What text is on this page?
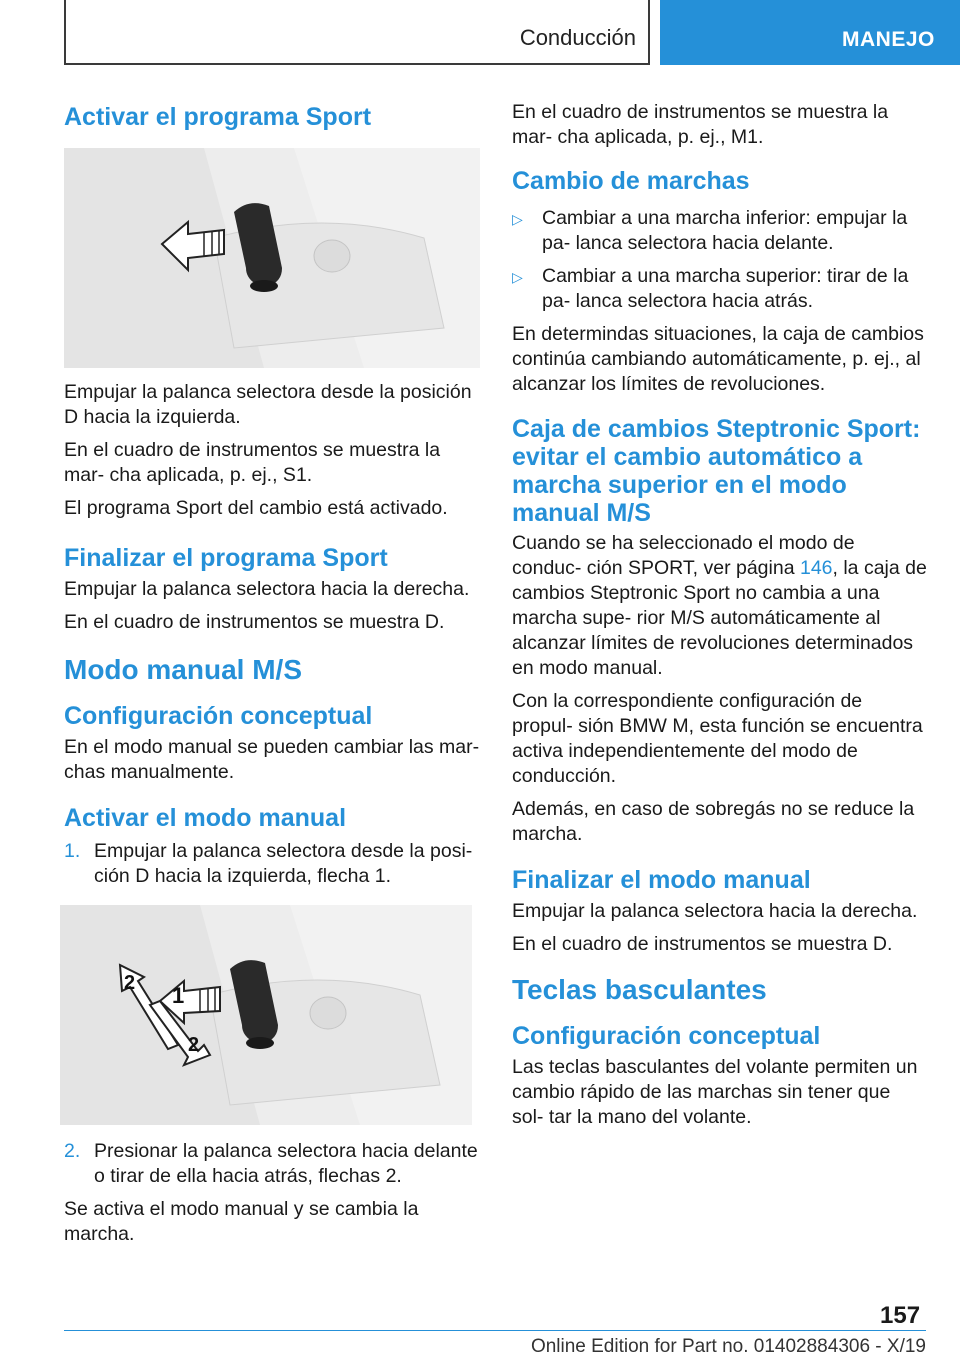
Conducción	MANEJO
Activar el programa Sport
Empujar la palanca selectora desde la posición D hacia la izquierda.
En el cuadro de instrumentos se muestra la mar‐ cha aplicada, p. ej., S1.
El programa Sport del cambio está activado.
Finalizar el programa Sport
Empujar la palanca selectora hacia la derecha.
En el cuadro de instrumentos se muestra D.
Modo manual M/S
Configuración conceptual
En el modo manual se pueden cambiar las mar‐ chas manualmente.
Activar el modo manual
1. Empujar la palanca selectora desde la posi‐ ción D hacia la izquierda, flecha 1.
1
2
2
2. Presionar la palanca selectora hacia delante o tirar de ella hacia atrás, flechas 2.
Se activa el modo manual y se cambia la marcha.
En el cuadro de instrumentos se muestra la mar‐ cha aplicada, p. ej., M1.
Cambio de marchas
▷ Cambiar a una marcha inferior: empujar la pa‐ lanca selectora hacia delante.
▷ Cambiar a una marcha superior: tirar de la pa‐ lanca selectora hacia atrás.
En determindas situaciones, la caja de cambios continúa cambiando automáticamente, p. ej., al alcanzar los límites de revoluciones.
Caja de cambios Steptronic Sport: evitar el cambio automático a marcha superior en el modo manual M/S
Cuando se ha seleccionado el modo de conduc‐ ción SPORT, ver página 146, la caja de cambios Steptronic Sport no cambia a una marcha supe‐ rior M/S automáticamente al alcanzar límites de revoluciones determinados en modo manual.
Con la correspondiente configuración de propul‐ sión BMW M, esta función se encuentra activa independientemente del modo de conducción.
Además, en caso de sobregás no se reduce la marcha.
Finalizar el modo manual
Empujar la palanca selectora hacia la derecha.
En el cuadro de instrumentos se muestra D.
Teclas basculantes
Configuración conceptual
Las teclas basculantes del volante permiten un cambio rápido de las marchas sin tener que sol‐ tar la mano del volante.
157
Online Edition for Part no. 01402884306 - X/19
